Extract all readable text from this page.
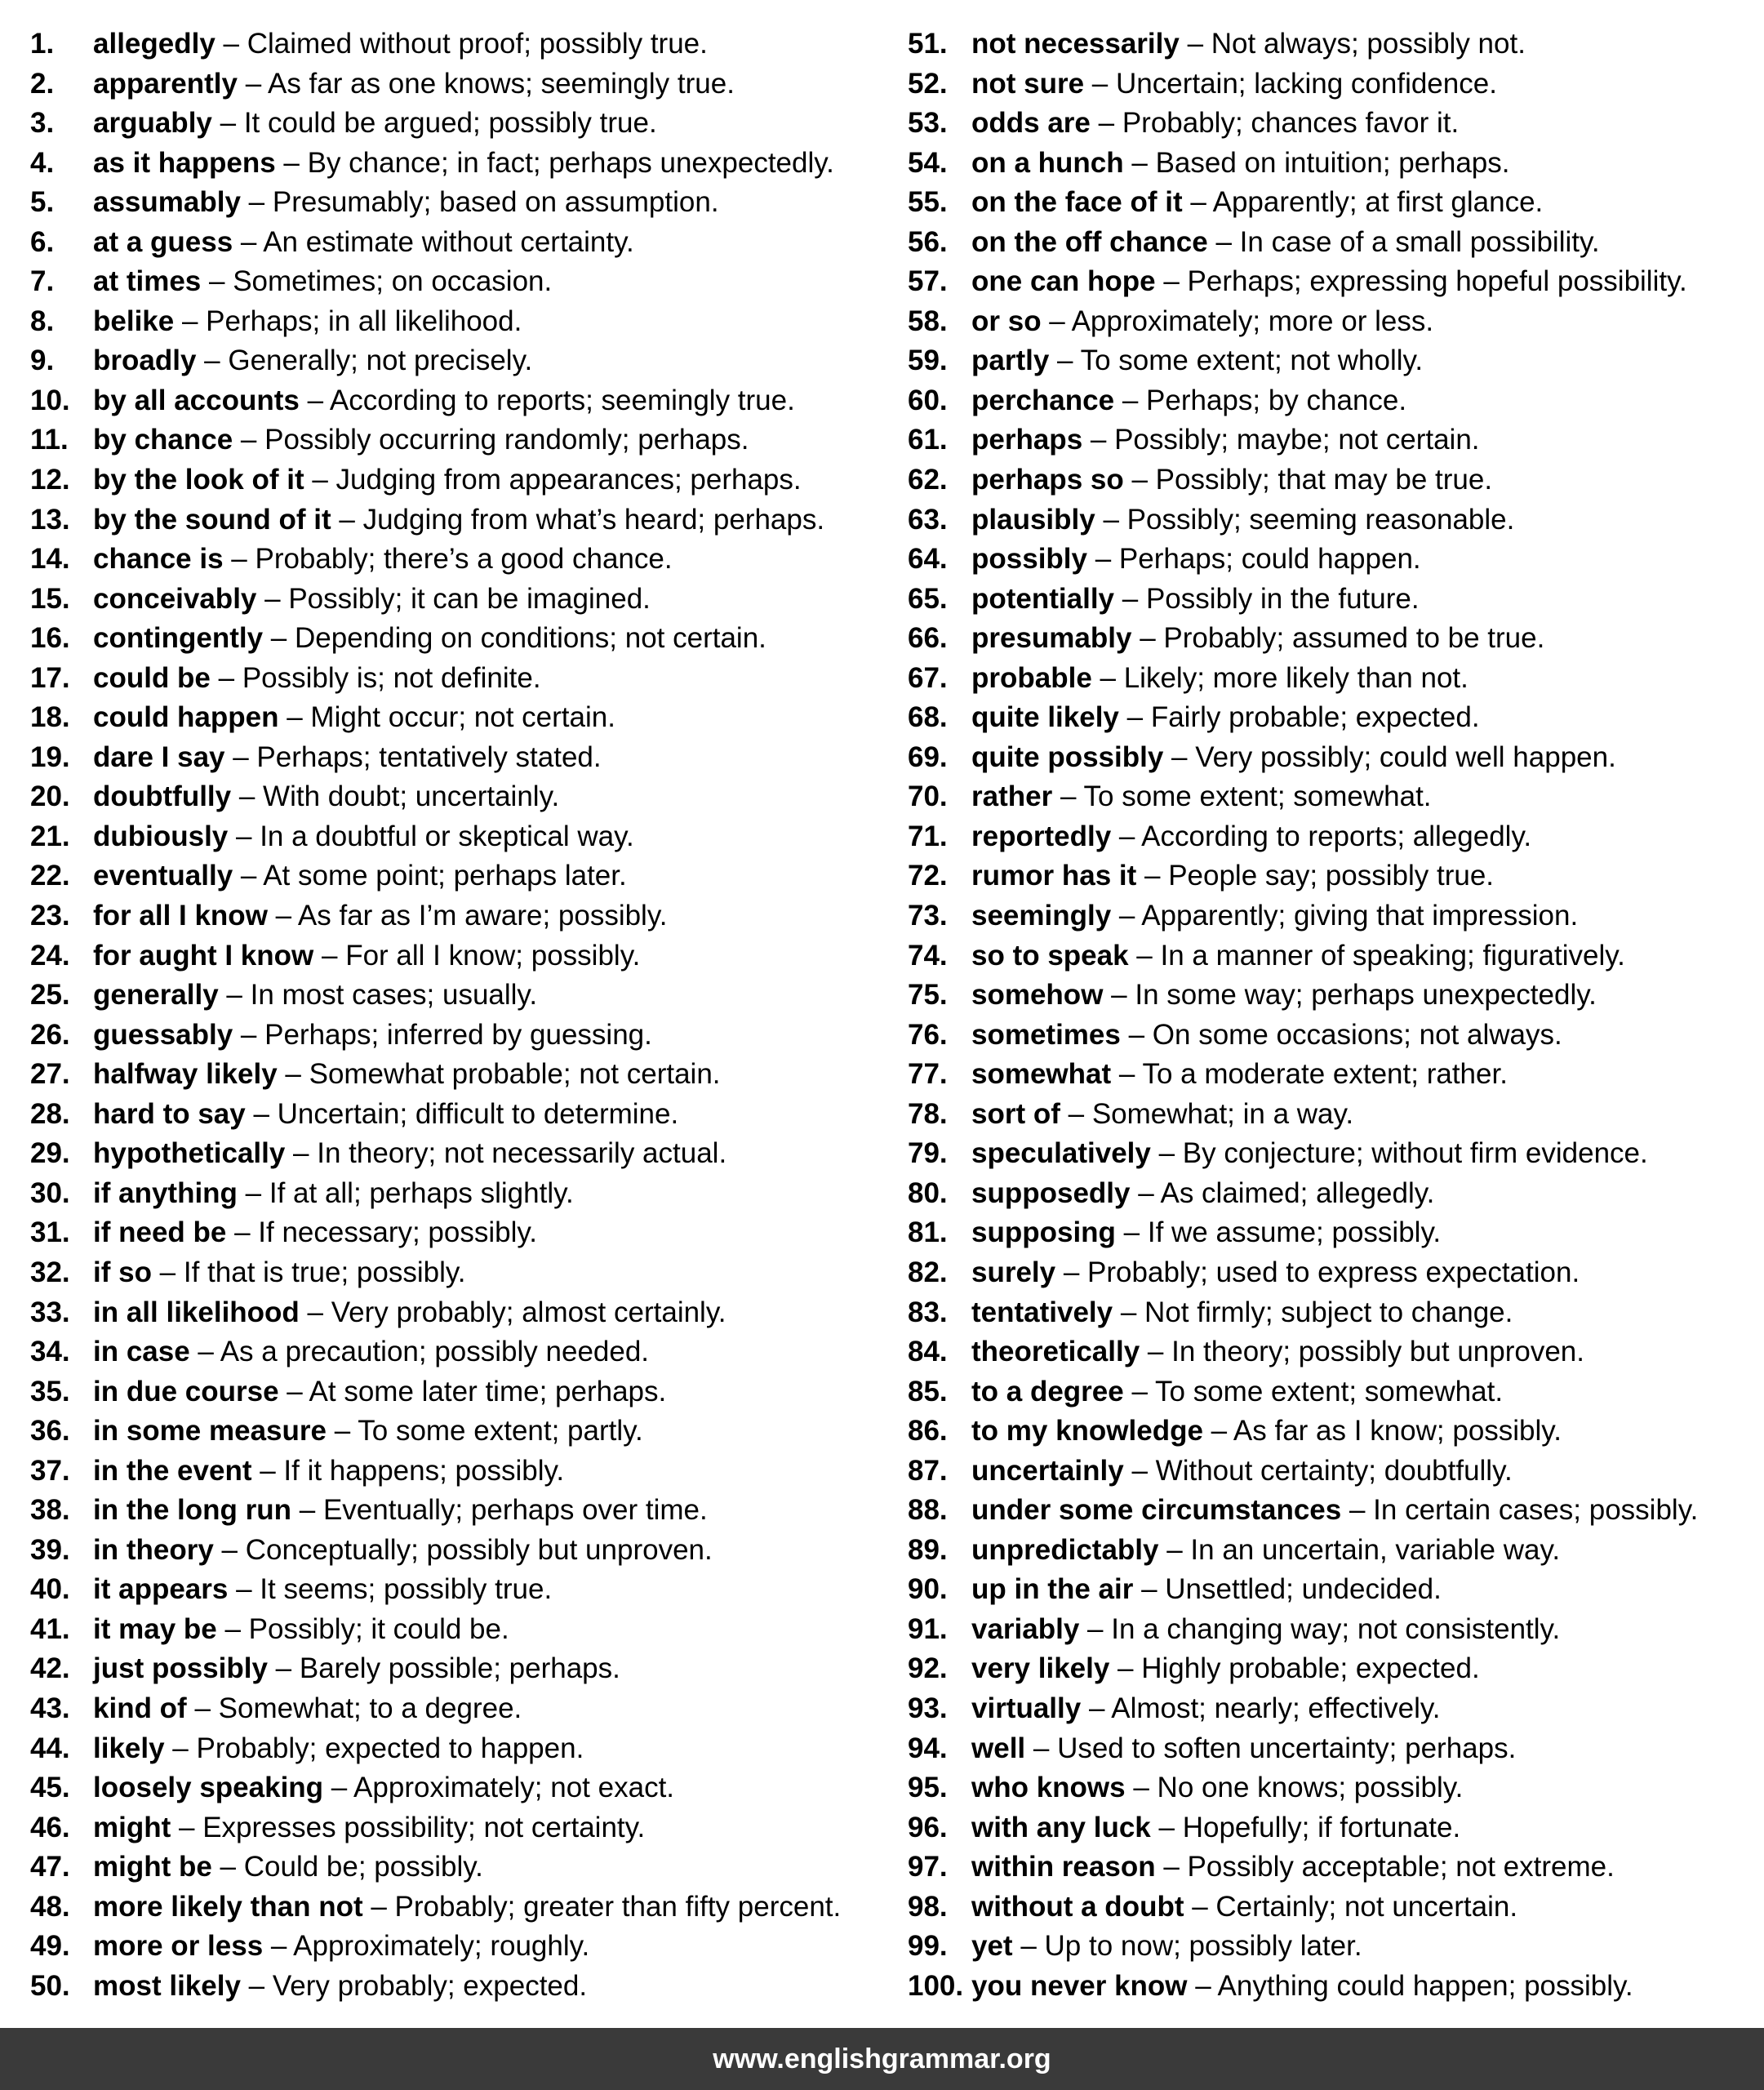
1.	allegedly – Claimed without proof; possibly true.
2.	apparently – As far as one knows; seemingly true.
3.	arguably – It could be argued; possibly true.
4.	as it happens – By chance; in fact; perhaps unexpectedly.
5.	assumably – Presumably; based on assumption.
6.	at a guess – An estimate without certainty.
7.	at times – Sometimes; on occasion.
8.	belike – Perhaps; in all likelihood.
9.	broadly – Generally; not precisely.
10. by all accounts – According to reports; seemingly true.
11. by chance – Possibly occurring randomly; perhaps.
12. by the look of it – Judging from appearances; perhaps.
13. by the sound of it – Judging from what’s heard; perhaps.
14. chance is – Probably; there’s a good chance.
15. conceivably – Possibly; it can be imagined.
16. contingently – Depending on conditions; not certain.
17. could be – Possibly is; not definite.
18. could happen – Might occur; not certain.
19. dare I say – Perhaps; tentatively stated.
20. doubtfully – With doubt; uncertainly.
21. dubiously – In a doubtful or skeptical way.
22. eventually – At some point; perhaps later.
23. for all I know – As far as I’m aware; possibly.
24. for aught I know – For all I know; possibly.
25. generally – In most cases; usually.
26. guessably – Perhaps; inferred by guessing.
27. halfway likely – Somewhat probable; not certain.
28. hard to say – Uncertain; difficult to determine.
29. hypothetically – In theory; not necessarily actual.
30. if anything – If at all; perhaps slightly.
31. if need be – If necessary; possibly.
32. if so – If that is true; possibly.
33. in all likelihood – Very probably; almost certainly.
34. in case – As a precaution; possibly needed.
35. in due course – At some later time; perhaps.
36. in some measure – To some extent; partly.
37. in the event – If it happens; possibly.
38. in the long run – Eventually; perhaps over time.
39. in theory – Conceptually; possibly but unproven.
40. it appears – It seems; possibly true.
41. it may be – Possibly; it could be.
42. just possibly – Barely possible; perhaps.
43. kind of – Somewhat; to a degree.
44. likely – Probably; expected to happen.
45. loosely speaking – Approximately; not exact.
46. might – Expresses possibility; not certainty.
47. might be – Could be; possibly.
48. more likely than not – Probably; greater than fifty percent.
49. more or less – Approximately; roughly.
50. most likely – Very probably; expected.
51. not necessarily – Not always; possibly not.
52. not sure – Uncertain; lacking confidence.
53. odds are – Probably; chances favor it.
54. on a hunch – Based on intuition; perhaps.
55. on the face of it – Apparently; at first glance.
56. on the off chance – In case of a small possibility.
57. one can hope – Perhaps; expressing hopeful possibility.
58. or so – Approximately; more or less.
59. partly – To some extent; not wholly.
60. perchance – Perhaps; by chance.
61. perhaps – Possibly; maybe; not certain.
62. perhaps so – Possibly; that may be true.
63. plausibly – Possibly; seeming reasonable.
64. possibly – Perhaps; could happen.
65. potentially – Possibly in the future.
66. presumably – Probably; assumed to be true.
67. probable – Likely; more likely than not.
68. quite likely – Fairly probable; expected.
69. quite possibly – Very possibly; could well happen.
70. rather – To some extent; somewhat.
71. reportedly – According to reports; allegedly.
72. rumor has it – People say; possibly true.
73. seemingly – Apparently; giving that impression.
74. so to speak – In a manner of speaking; figuratively.
75. somehow – In some way; perhaps unexpectedly.
76. sometimes – On some occasions; not always.
77. somewhat – To a moderate extent; rather.
78. sort of – Somewhat; in a way.
79. speculatively – By conjecture; without firm evidence.
80. supposedly – As claimed; allegedly.
81. supposing – If we assume; possibly.
82. surely – Probably; used to express expectation.
83. tentatively – Not firmly; subject to change.
84. theoretically – In theory; possibly but unproven.
85. to a degree – To some extent; somewhat.
86. to my knowledge – As far as I know; possibly.
87. uncertainly – Without certainty; doubtfully.
88. under some circumstances – In certain cases; possibly.
89. unpredictably – In an uncertain, variable way.
90. up in the air – Unsettled; undecided.
91. variably – In a changing way; not consistently.
92. very likely – Highly probable; expected.
93. virtually – Almost; nearly; effectively.
94. well – Used to soften uncertainty; perhaps.
95. who knows – No one knows; possibly.
96. with any luck – Hopefully; if fortunate.
97. within reason – Possibly acceptable; not extreme.
98. without a doubt – Certainly; not uncertain.
99. yet – Up to now; possibly later.
100. you never know – Anything could happen; possibly.
www.englishgrammar.org
